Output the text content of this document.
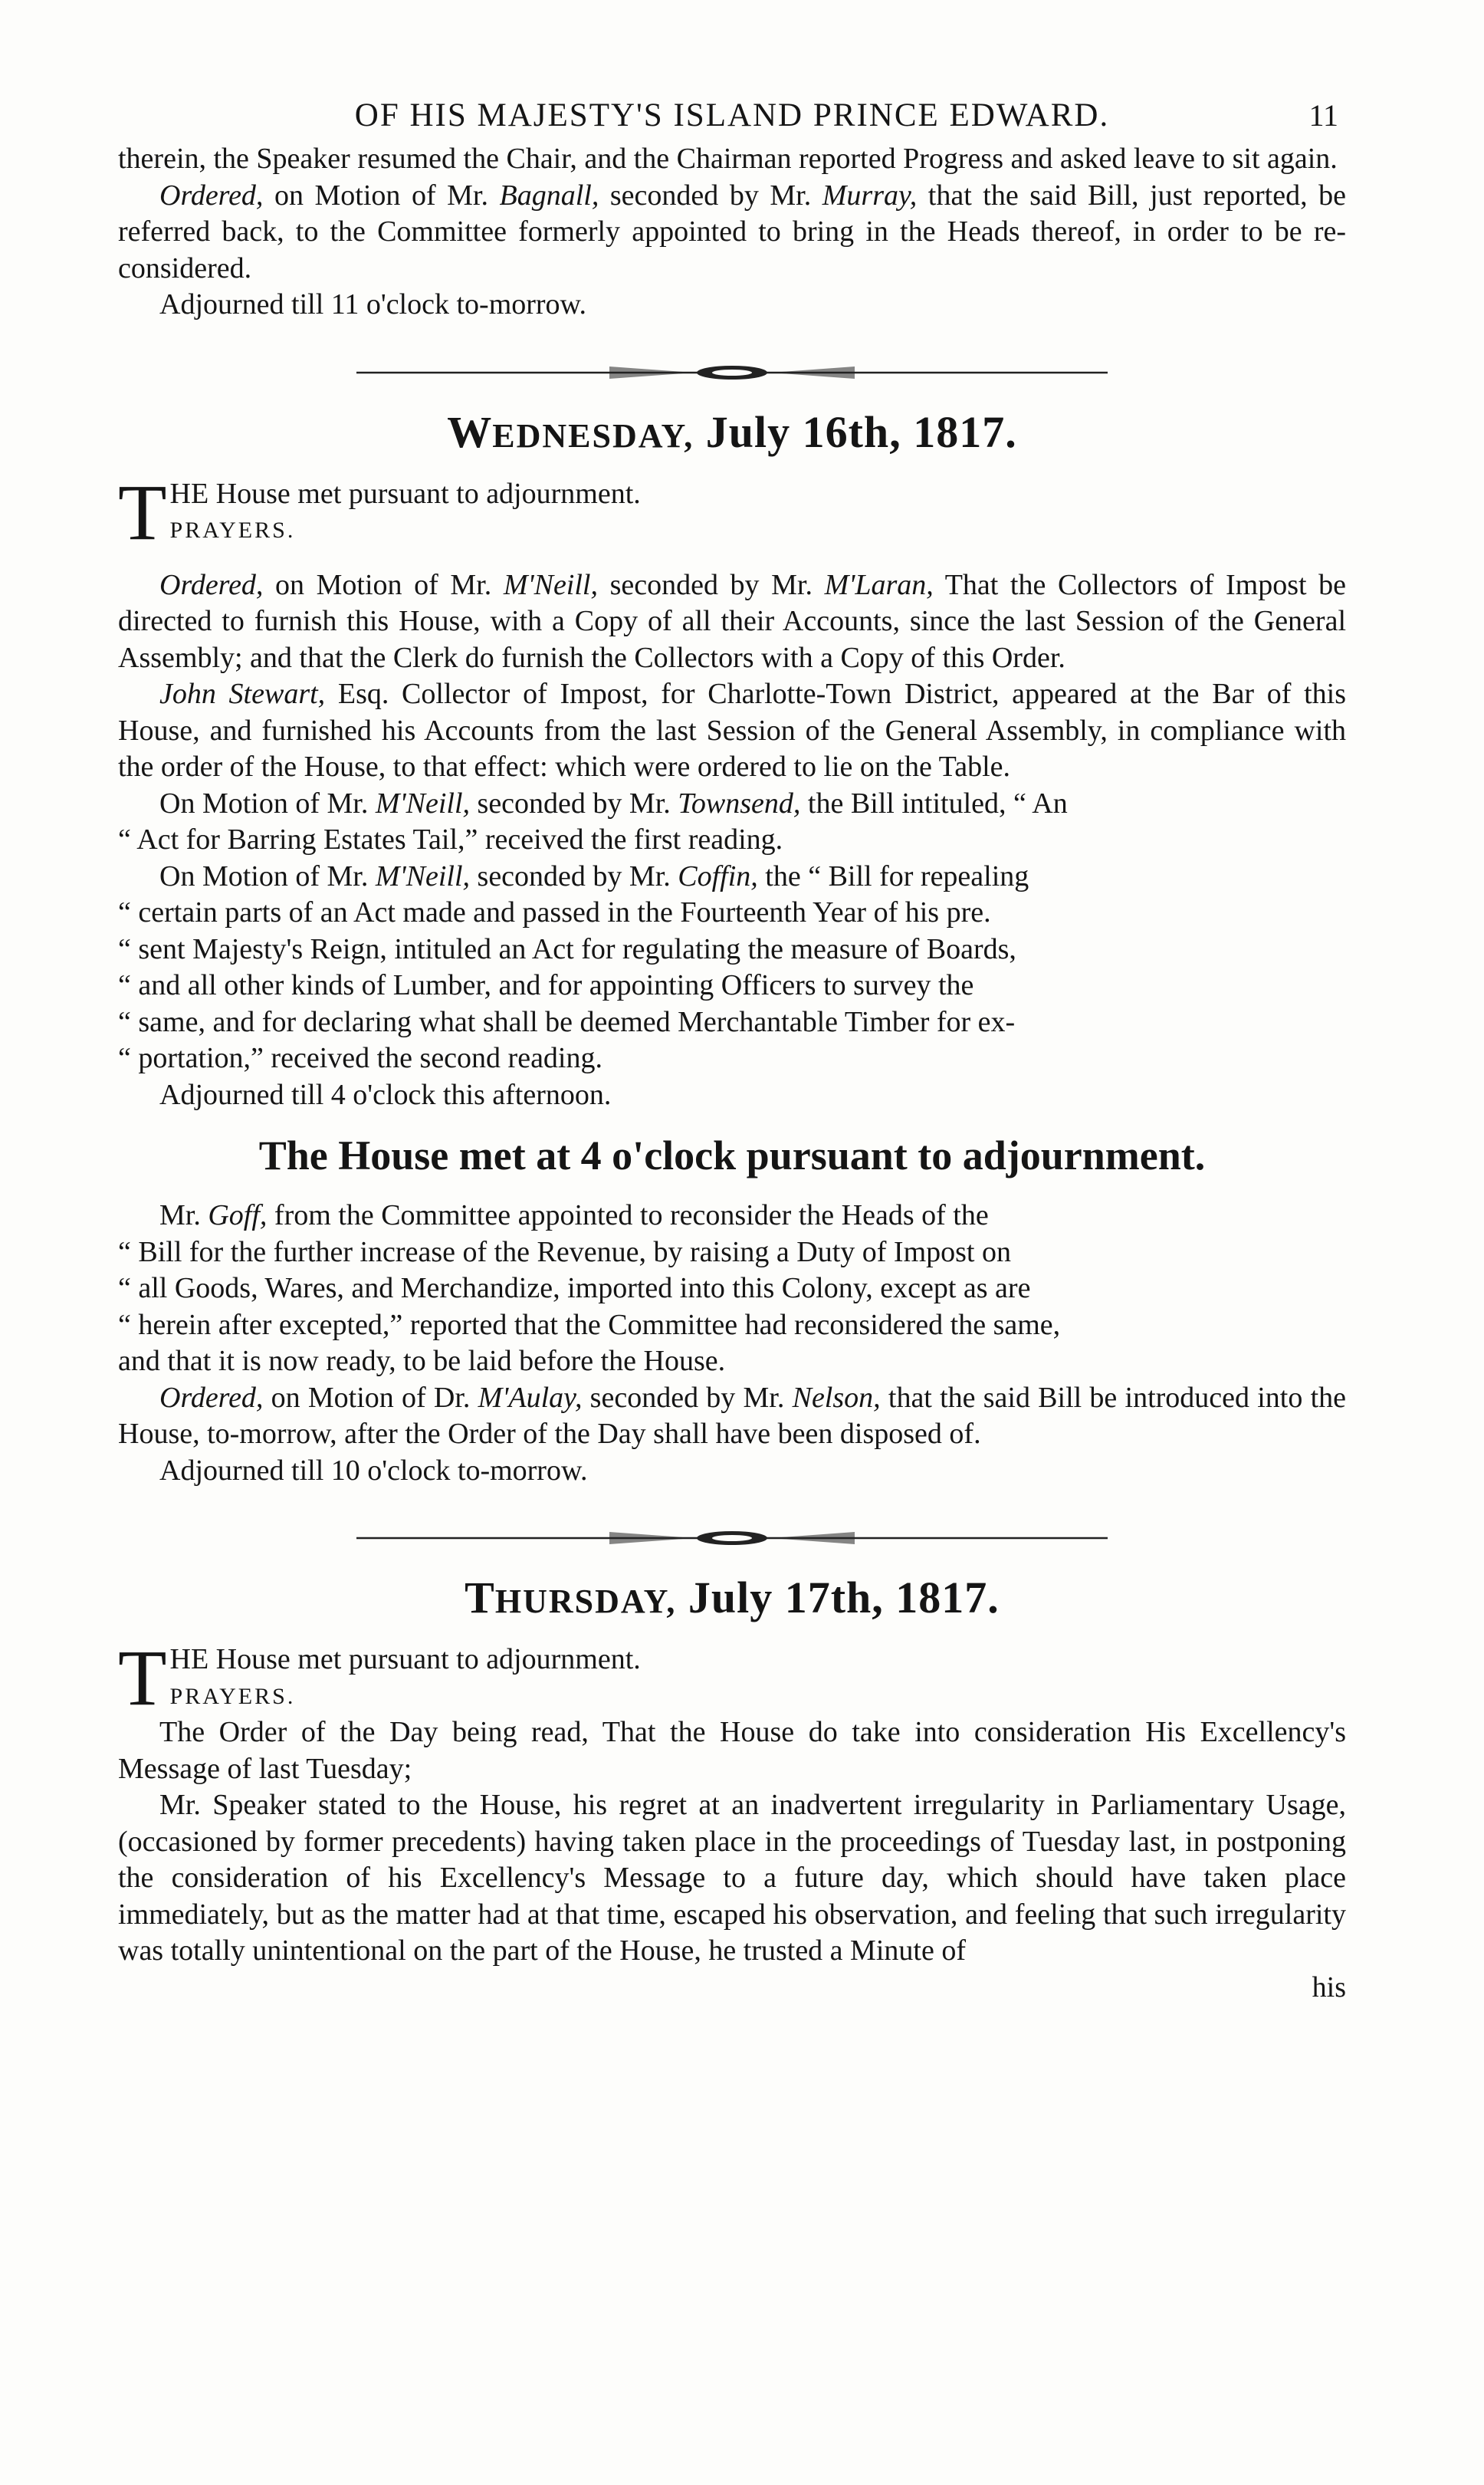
OF HIS MAJESTY'S ISLAND PRINCE EDWARD.	11

therein, the Speaker resumed the Chair, and the Chairman reported Progress and asked leave to sit again.

Ordered, on Motion of Mr. Bagnall, seconded by Mr. Murray, that the said Bill, just reported, be referred back, to the Committee formerly appointed to bring in the Heads thereof, in order to be re-considered.

Adjourned till 11 o'clock to-morrow.

WEDNESDAY, July 16th, 1817.
T HE House met pursuant to adjournment.

PRAYERS.

Ordered, on Motion of Mr. M'Neill, seconded by Mr. M'Laran, That the Collectors of Impost be directed to furnish this House, with a Copy of all their Accounts, since the last Session of the General Assembly; and that the Clerk do furnish the Collectors with a Copy of this Order.

John Stewart, Esq. Collector of Impost, for Charlotte-Town District, appeared at the Bar of this House, and furnished his Accounts from the last Session of the General Assembly, in compliance with the order of the House, to that effect: which were ordered to lie on the Table.

On Motion of Mr. M'Neill, seconded by Mr. Townsend, the Bill intituled, “ An

“ Act for Barring Estates Tail,” received the first reading.

On Motion of Mr. M'Neill, seconded by Mr. Coffin, the “ Bill for repealing

“ certain parts of an Act made and passed in the Fourteenth Year of his pre.

“ sent Majesty's Reign, intituled an Act for regulating the measure of Boards,

“ and all other kinds of Lumber, and for appointing Officers to survey the

“ same, and for declaring what shall be deemed Merchantable Timber for ex-

“ portation,” received the second reading.

Adjourned till 4 o'clock this afternoon.

The House met at 4 o'clock pursuant to adjournment.

Mr. Goff, from the Committee appointed to reconsider the Heads of the

“ Bill for the further increase of the Revenue, by raising a Duty of Impost on

“ all Goods, Wares, and Merchandize, imported into this Colony, except as are

“ herein after excepted,” reported that the Committee had reconsidered the same,

and that it is now ready, to be laid before the House.

Ordered, on Motion of Dr. M'Aulay, seconded by Mr. Nelson, that the said Bill be introduced into the House, to-morrow, after the Order of the Day shall have been disposed of.

Adjourned till 10 o'clock to-morrow.

THURSDAY, July 17th, 1817.
T HE House met pursuant to adjournment.

PRAYERS.

The Order of the Day being read, That the House do take into consideration His Excellency's Message of last Tuesday;

Mr. Speaker stated to the House, his regret at an inadvertent irregularity in Parliamentary Usage, (occasioned by former precedents) having taken place in the proceedings of Tuesday last, in postponing the consideration of his Excellency's Message to a future day, which should have taken place immediately, but as the matter had at that time, escaped his observation, and feeling that such irregularity was totally unintentional on the part of the House, he trusted a Minute of

his
